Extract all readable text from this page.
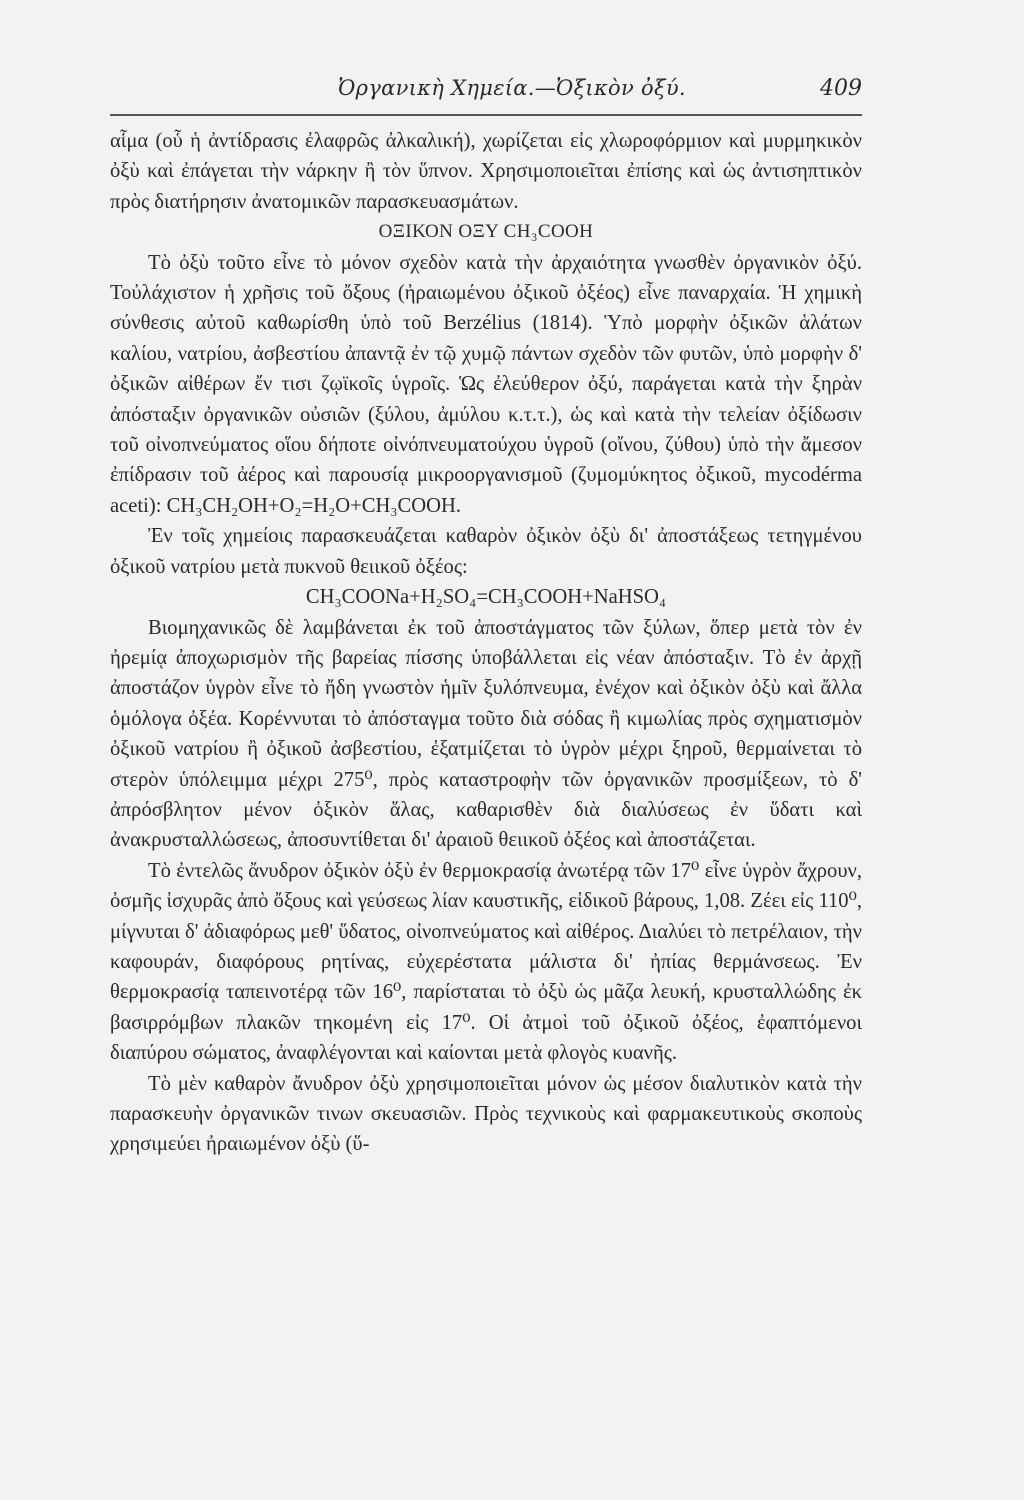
Ὀργανικὴ Χημεία.—Ὀξικὸν ὀξύ.	409

αἷμα (οὗ ἡ ἀντίδρασις ἐλαφρῶς ἀλκαλική), χωρίζεται εἰς χλωροφόρμιον καὶ μυρμηκικὸν ὀξὺ καὶ ἐπάγεται τὴν νάρκην ἢ τὸν ὕπνον. Χρησιμοποιεῖται ἐπίσης καὶ ὡς ἀντισηπτικὸν πρὸς διατήρησιν ἀνατομικῶν παρασκευασμάτων.

ΟΞΙΚΟΝ ΟΞΥ CH₃COOH

Τὸ ὀξὺ τοῦτο εἶνε τὸ μόνον σχεδὸν κατὰ τὴν ἀρχαιότητα γνωσθὲν ὀργανικὸν ὀξύ. Τοὐλάχιστον ἡ χρῆσις τοῦ ὄξους (ἠραιωμένου ὀξικοῦ ὀξέος) εἶνε παναρχαία. Ἡ χημικὴ σύνθεσις αὐτοῦ καθωρίσθη ὑπὸ τοῦ Berzélius (1814). Ὑπὸ μορφὴν ὀξικῶν ἁλάτων καλίου, νατρίου, ἀσβεστίου ἀπαντᾷ ἐν τῷ χυμῷ πάντων σχεδὸν τῶν φυτῶν, ὑπὸ μορφὴν δ' ὀξικῶν αἰθέρων ἔν τισι ζῳϊκοῖς ὑγροῖς. Ὡς ἐλεύθερον ὀξύ, παράγεται κατὰ τὴν ξηρὰν ἀπόσταξιν ὀργανικῶν οὐσιῶν (ξύλου, ἀμύλου κ.τ.τ.), ὡς καὶ κατὰ τὴν τελείαν ὀξίδωσιν τοῦ οἰνοπνεύματος οἵου δήποτε οἰνόπνευματούχου ὑγροῦ (οἴνου, ζύθου) ὑπὸ τὴν ἄμεσον ἐπίδρασιν τοῦ ἀέρος καὶ παρουσίᾳ μικροοργανισμοῦ (ζυμομύκητος ὀξικοῦ, mycodérma aceti): CH₃CH₂OH+O₂=H₂O+CH₃COOH.

Ἐν τοῖς χημείοις παρασκευάζεται καθαρὸν ὀξικὸν ὀξὺ δι' ἀποστάξεως τετηγμένου ὀξικοῦ νατρίου μετὰ πυκνοῦ θειικοῦ ὀξέος:

CH₃COONa+H₂SO₄=CH₃COOH+NaHSO₄

Βιομηχανικῶς δὲ λαμβάνεται ἐκ τοῦ ἀποστάγματος τῶν ξύλων, ὅπερ μετὰ τὸν ἐν ἠρεμίᾳ ἀποχωρισμὸν τῆς βαρείας πίσσης ὑποβάλλεται εἰς νέαν ἀπόσταξιν. Τὸ ἐν ἀρχῇ ἀποστάζον ὑγρὸν εἶνε τὸ ἤδη γνωστὸν ἡμῖν ξυλόπνευμα, ἐνέχον καὶ ὀξικὸν ὀξὺ καὶ ἄλλα ὁμόλογα ὀξέα. Κορέννυται τὸ ἀπόσταγμα τοῦτο διὰ σόδας ἢ κιμωλίας πρὸς σχηματισμὸν ὀξικοῦ νατρίου ἢ ὀξικοῦ ἀσβεστίου, ἐξατμίζεται τὸ ὑγρὸν μέχρι ξηροῦ, θερμαίνεται τὸ στερὸν ὑπόλειμμα μέχρι 275⁰, πρὸς καταστροφὴν τῶν ὀργανικῶν προσμίξεων, τὸ δ' ἀπρόσβλητον μένον ὀξικὸν ἅλας, καθαρισθὲν διὰ διαλύσεως ἐν ὕδατι καὶ ἀνακρυσταλλώσεως, ἀποσυντίθεται δι' ἀραιοῦ θειικοῦ ὀξέος καὶ ἀποστάζεται.

Τὸ ἐντελῶς ἄνυδρον ὀξικὸν ὀξὺ ἐν θερμοκρασίᾳ ἀνωτέρᾳ τῶν 17⁰ εἶνε ὑγρὸν ἄχρουν, ὀσμῆς ἰσχυρᾶς ἀπὸ ὄξους καὶ γεύσεως λίαν καυστικῆς, εἰδικοῦ βάρους, 1,08. Ζέει εἰς 110⁰, μίγνυται δ' ἀδιαφόρως μεθ' ὕδατος, οἰνοπνεύματος καὶ αἰθέρος. Διαλύει τὸ πετρέλαιον, τὴν καφουράν, διαφόρους ρητίνας, εὐχερέστατα μάλιστα δι' ἠπίας θερμάνσεως. Ἐν θερμοκρασίᾳ ταπεινοτέρᾳ τῶν 16⁰, παρίσταται τὸ ὀξὺ ὡς μᾶζα λευκή, κρυσταλλώδης ἐκ βασιρρόμβων πλακῶν τηκομένη εἰς 17⁰. Οἱ ἀτμοὶ τοῦ ὀξικοῦ ὀξέος, ἐφαπτόμενοι διαπύρου σώματος, ἀναφλέγονται καὶ καίονται μετὰ φλογὸς κυανῆς.

Τὸ μὲν καθαρὸν ἄνυδρον ὀξὺ χρησιμοποιεῖται μόνον ὡς μέσον διαλυτικὸν κατὰ τὴν παρασκευὴν ὀργανικῶν τινων σκευασιῶν. Πρὸς τεχνικοὺς καὶ φαρμακευτικοὺς σκοποὺς χρησιμεύει ἠραιωμένον ὀξὺ (ὕ-
